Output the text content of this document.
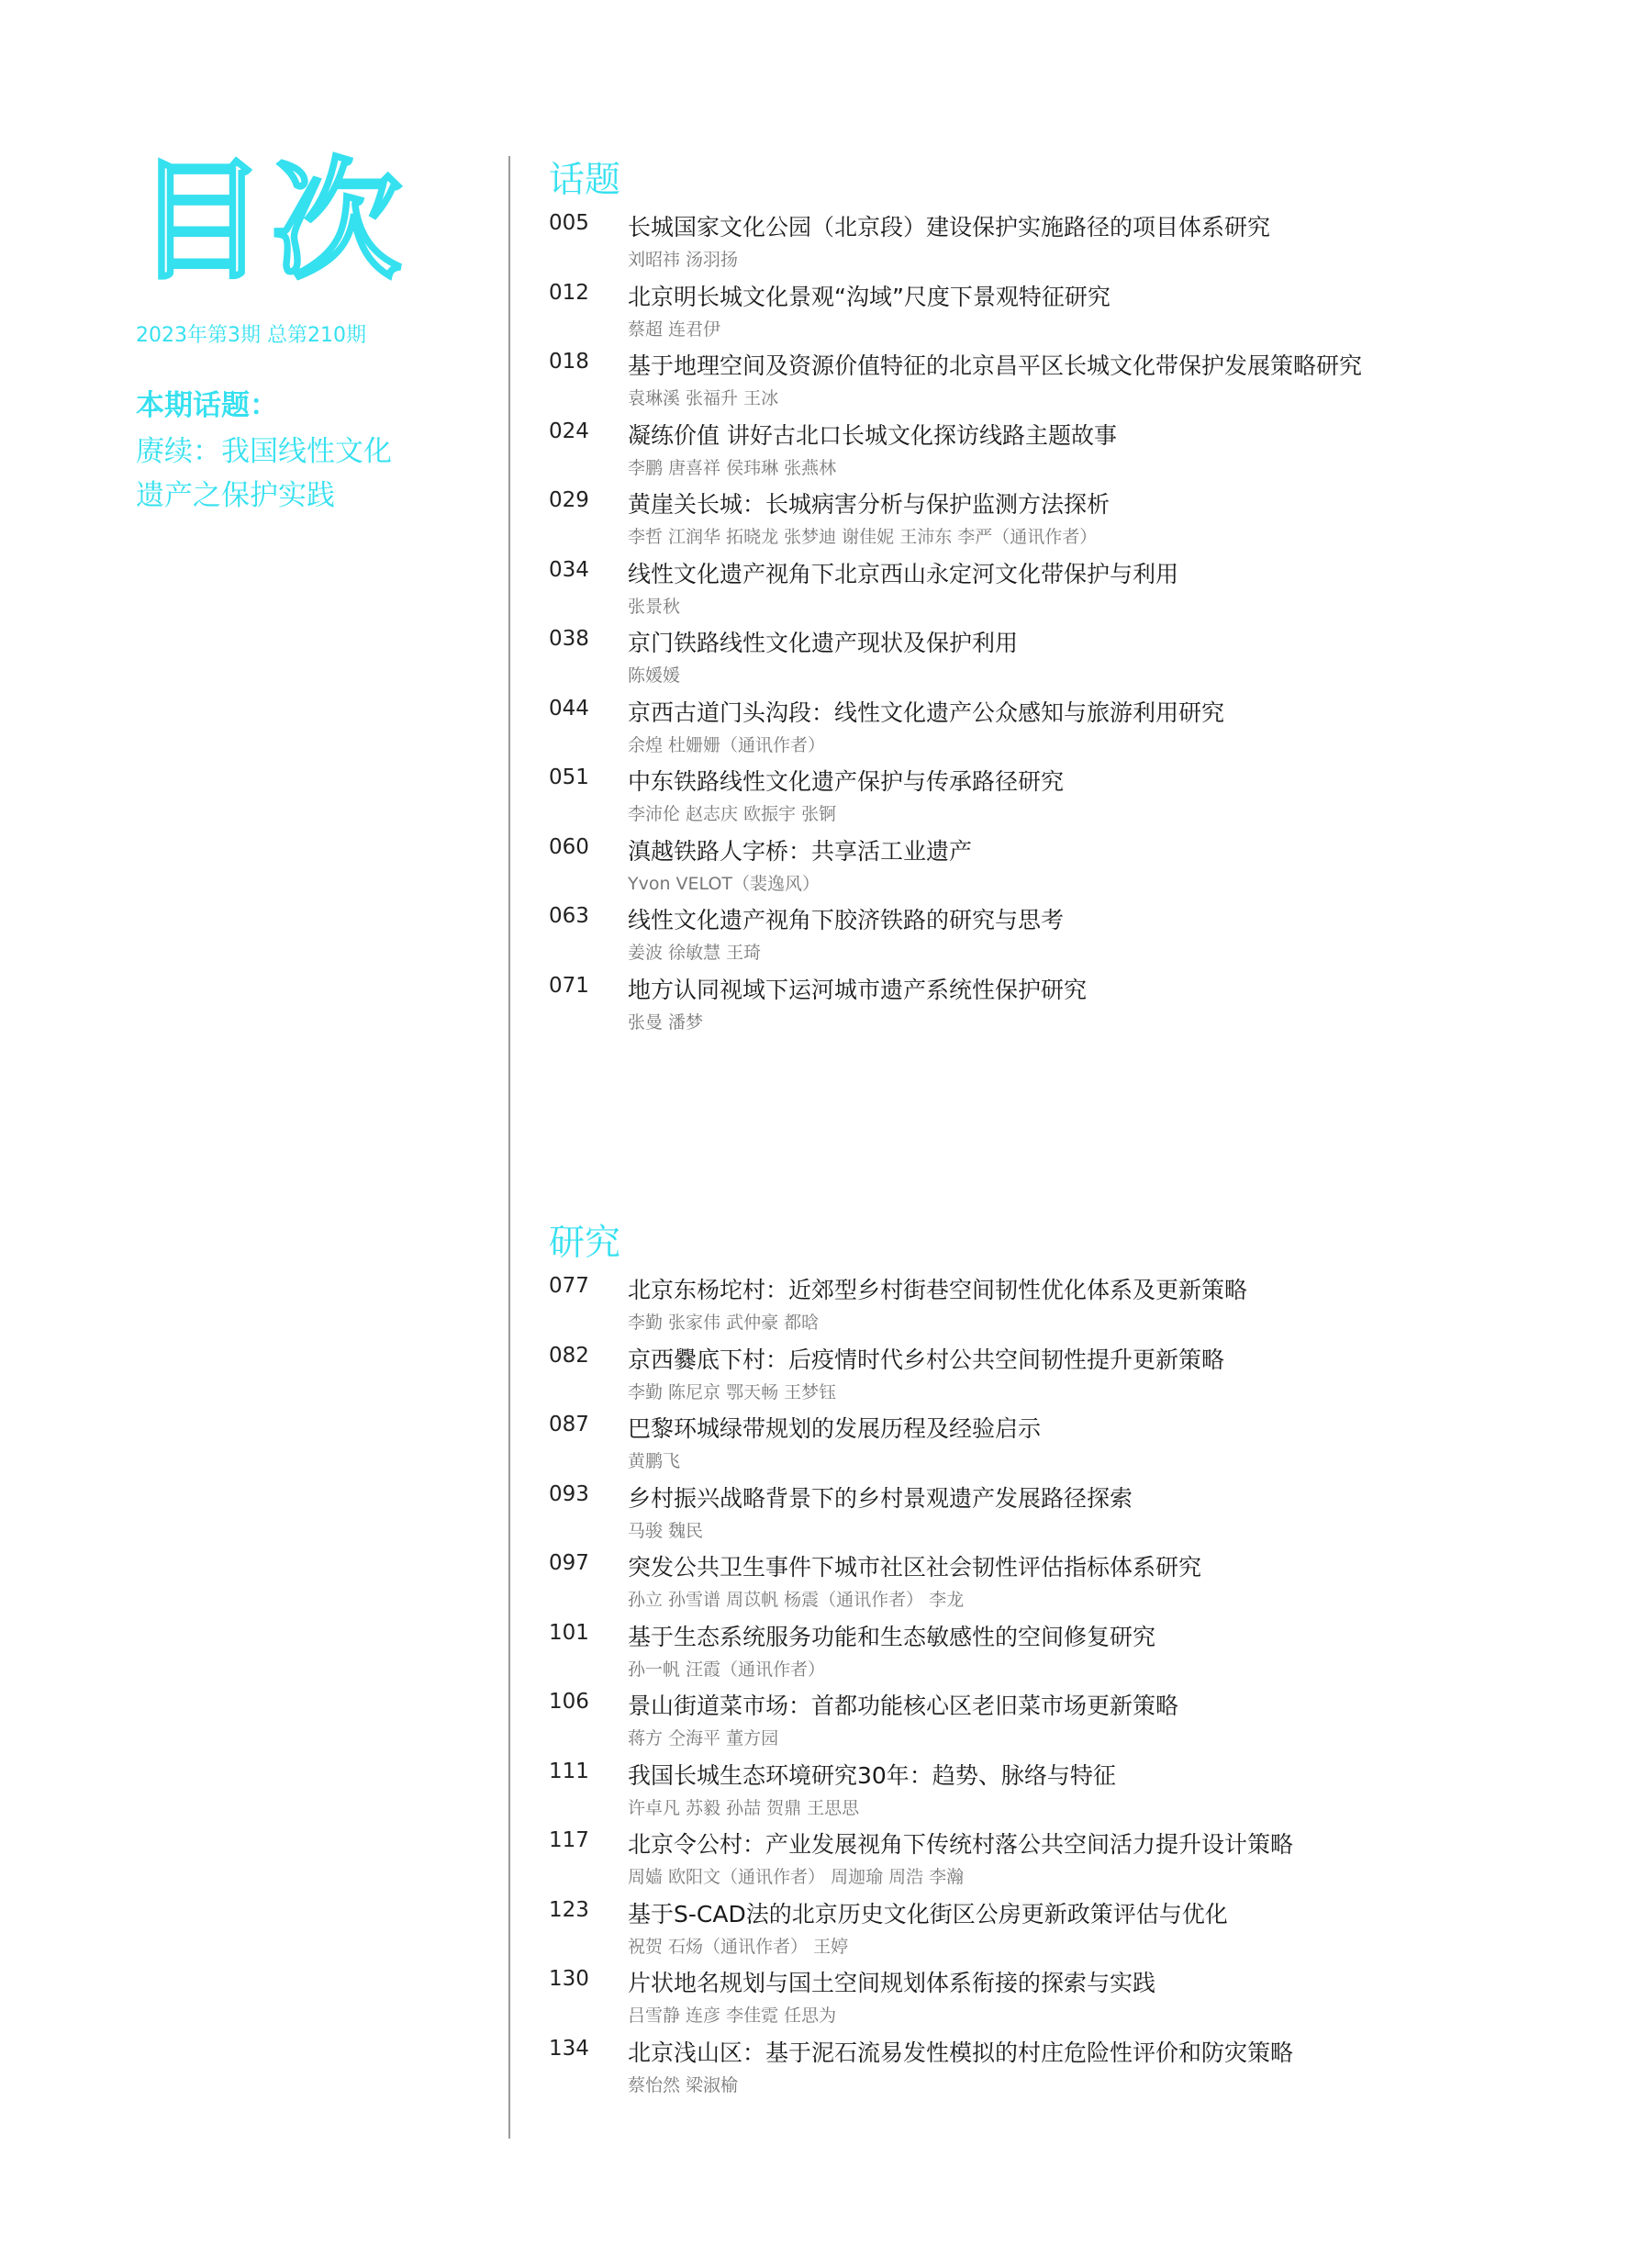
目次
2023年第3期 总第210期
本期话题：
赓续：我国线性文化遗产之保护实践
话题
005	长城国家文化公园（北京段）建设保护实施路径的项目体系研究
刘昭祎 汤羽扬
012	北京明长城文化景观“沟域”尺度下景观特征研究
蔡超 连君伊
018	基于地理空间及资源价值特征的北京昌平区长城文化带保护发展策略研究
袁琳溪 张福升 王冰
024	凝练价值 讲好古北口长城文化探访线路主题故事
李鹏 唐喜祥 侯玮琳 张燕林
029	黄崖关长城：长城病害分析与保护监测方法探析
李哲 江润华 拓晓龙 张梦迪 谢佳妮 王沛东 李严（通讯作者）
034	线性文化遗产视角下北京西山永定河文化带保护与利用
张景秋
038	京门铁路线性文化遗产现状及保护利用
陈媛媛
044	京西古道门头沟段：线性文化遗产公众感知与旅游利用研究
余煌 杜姗姗（通讯作者）
051	中东铁路线性文化遗产保护与传承路径研究
李沛伦 赵志庆 欧振宇 张锕
060	滇越铁路人字桥：共享活工业遗产
Yvon VELOT（裴逸风）
063	线性文化遗产视角下胶济铁路的研究与思考
姜波 徐敏慧 王琦
071	地方认同视域下运河城市遗产系统性保护研究
张曼 潘梦
研究
077	北京东杨坨村：近郊型乡村街巷空间韧性优化体系及更新策略
李勤 张家伟 武仲豪 都晗
082	京西爨底下村：后疫情时代乡村公共空间韧性提升更新策略
李勤 陈尼京 鄂天畅 王梦钰
087	巴黎环城绿带规划的发展历程及经验启示
黄鹏飞
093	乡村振兴战略背景下的乡村景观遗产发展路径探索
马骏 魏民
097	突发公共卫生事件下城市社区社会韧性评估指标体系研究
孙立 孙雪谱 周苡帆 杨震（通讯作者） 李龙
101	基于生态系统服务功能和生态敏感性的空间修复研究
孙一帆 汪霞（通讯作者）
106	景山街道菜市场：首都功能核心区老旧菜市场更新策略
蒋方 仝海平 董方园
111	我国长城生态环境研究30年：趋势、脉络与特征
许卓凡 苏毅 孙喆 贺鼎 王思思
117	北京令公村：产业发展视角下传统村落公共空间活力提升设计策略
周嫱 欧阳文（通讯作者） 周迦瑜 周浩 李瀚
123	基于S-CAD法的北京历史文化街区公房更新政策评估与优化
祝贺 石炀（通讯作者） 王婷
130	片状地名规划与国土空间规划体系衔接的探索与实践
吕雪静 连彦 李佳霓 任思为
134	北京浅山区：基于泥石流易发性模拟的村庄危险性评价和防灾策略
蔡怡然 梁淑榆
